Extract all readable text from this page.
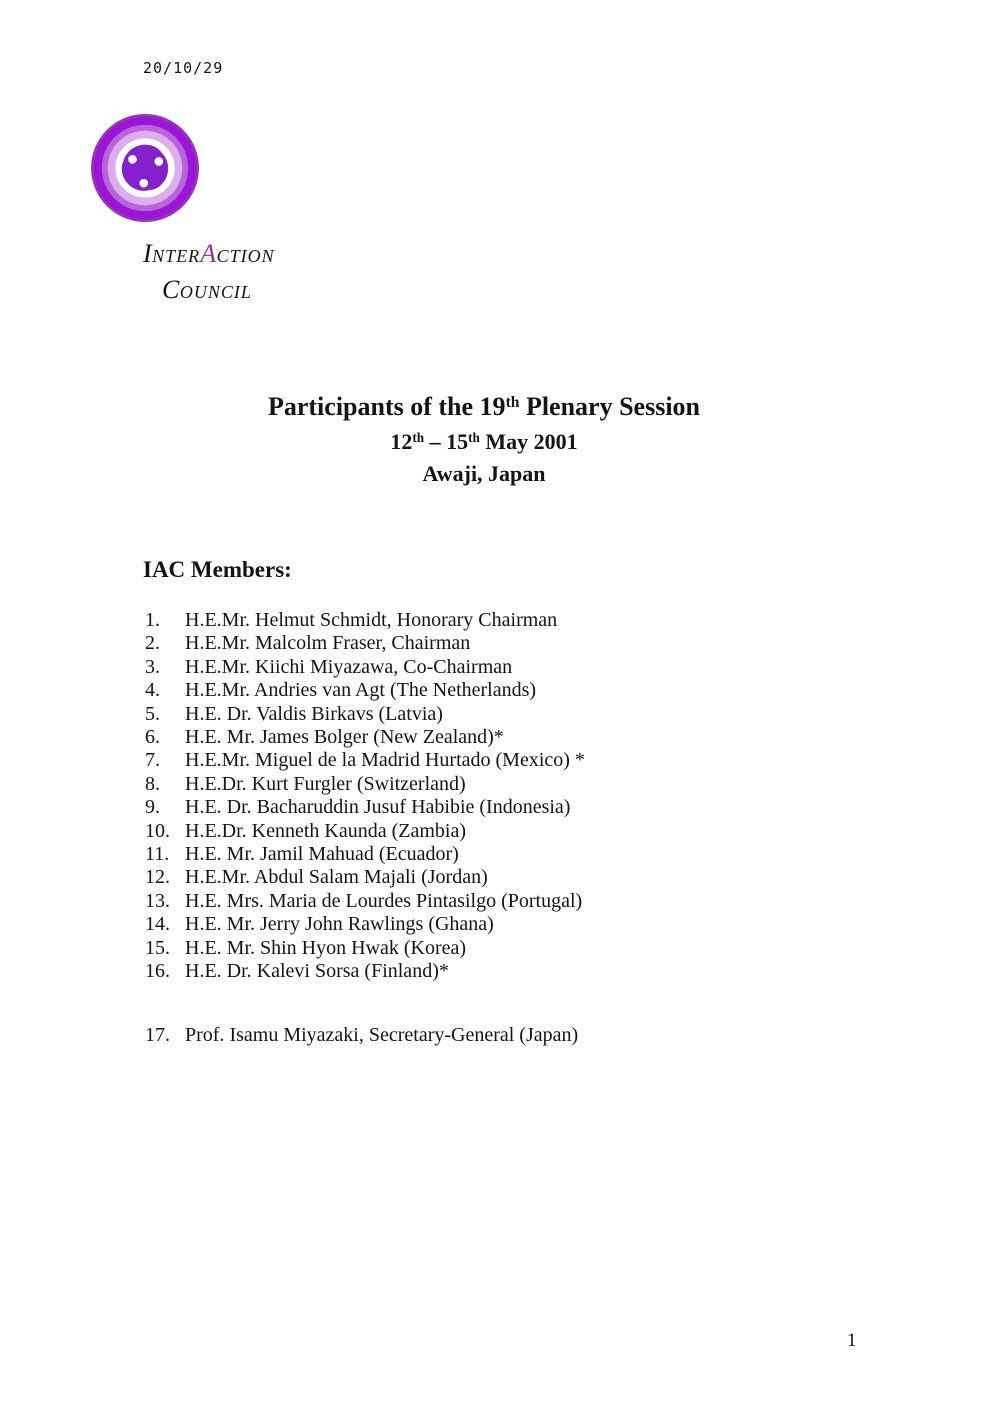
20/10/29
INTERACTION
COUNCIL
Participants of the 19th Plenary Session
12th – 15th May 2001
Awaji, Japan
IAC Members:
1.	H.E.Mr. Helmut Schmidt, Honorary Chairman
2.	H.E.Mr. Malcolm Fraser, Chairman
3.	H.E.Mr. Kiichi Miyazawa, Co-Chairman
4.	H.E.Mr. Andries van Agt (The Netherlands)
5.	H.E. Dr. Valdis Birkavs (Latvia)
6.	H.E. Mr. James Bolger (New Zealand)*
7.	H.E.Mr. Miguel de la Madrid Hurtado (Mexico) *
8.	H.E.Dr. Kurt Furgler (Switzerland)
9.	H.E. Dr. Bacharuddin Jusuf Habibie (Indonesia)
10. H.E.Dr. Kenneth Kaunda (Zambia)
11. H.E. Mr. Jamil Mahuad (Ecuador)
12. H.E.Mr. Abdul Salam Majali (Jordan)
13. H.E. Mrs. Maria de Lourdes Pintasilgo (Portugal)
14. H.E. Mr. Jerry John Rawlings (Ghana)
15. H.E. Mr. Shin Hyon Hwak (Korea)
16. H.E. Dr. Kalevi Sorsa (Finland)*
17. Prof. Isamu Miyazaki, Secretary-General (Japan)
1
